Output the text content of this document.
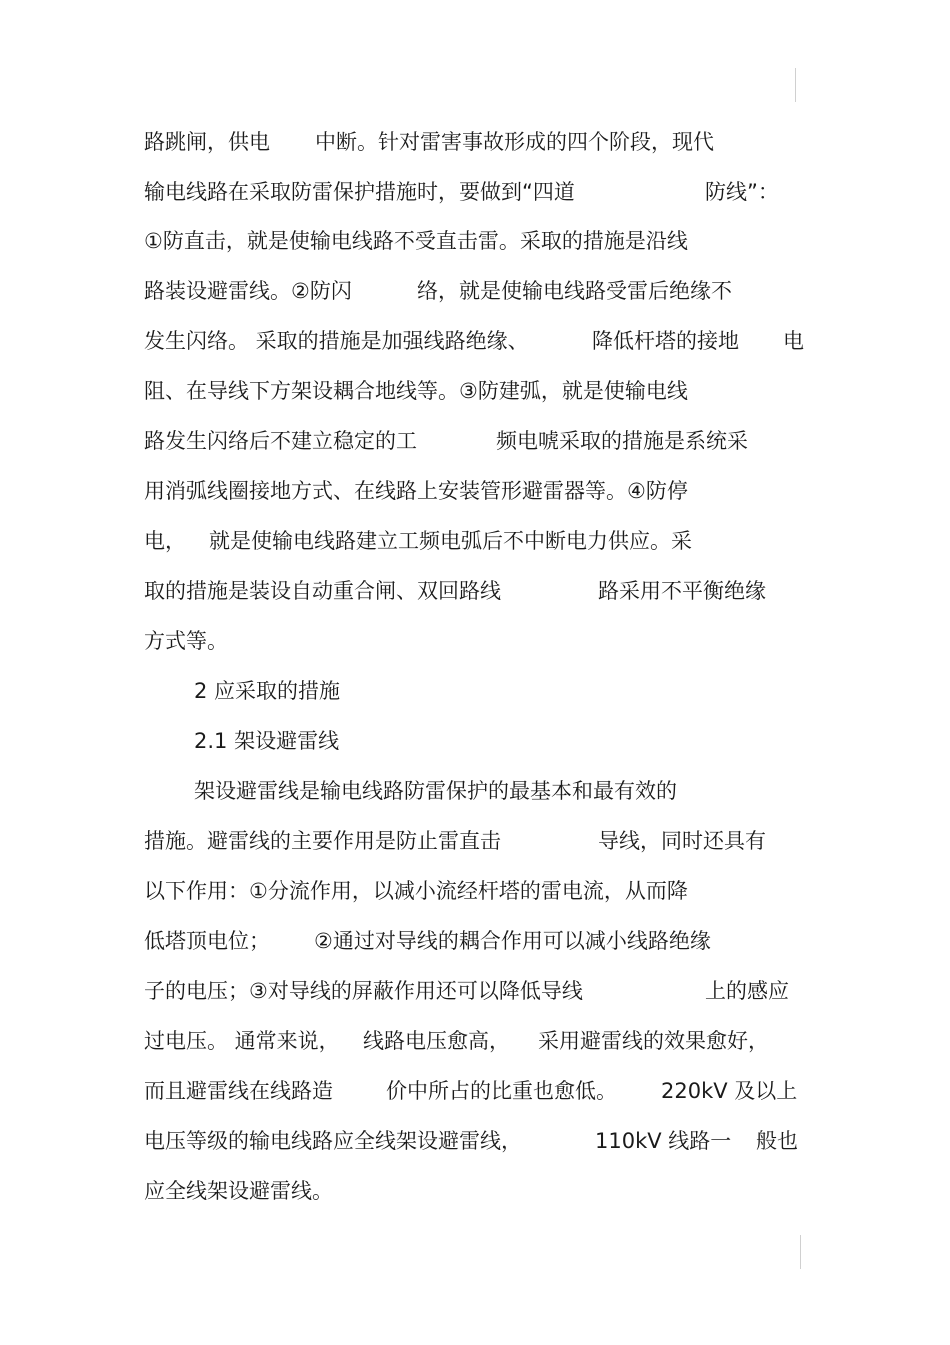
路跳闸，供电 中断。针对雷害事故形成的四个阶段，现代
输电线路在采取防雷保护措施时，要做到“四道	防线”：
①防直击，就是使输电线路不受直击雷。采取的措施是沿线
路装设避雷线。②防闪	络，就是使输电线路受雷后绝缘不
发生闪络。 采取的措施是加强线路绝缘、	降低杆塔的接地 电
阻、在导线下方架设耦合地线等。③防建弧，就是使输电线
路发生闪络后不建立稳定的工	频电唬采取的措施是系统采
用消弧线圈接地方式、在线路上安装管形避雷器等。④防停
电， 就是使输电线路建立工频电弧后不中断电力供应。采
取的措施是装设自动重合闸、双回路线	路采用不平衡绝缘
方式等。
2 应采取的措施
2.1 架设避雷线
架设避雷线是输电线路防雷保护的最基本和最有效的
措施。避雷线的主要作用是防止雷直击	导线，同时还具有
以下作用：①分流作用，以减小流经杆塔的雷电流，从而降
低塔顶电位； ②通过对导线的耦合作用可以减小线路绝缘
子的电压；③对导线的屏蔽作用还可以降低导线	上的感应
过电压。 通常来说， 线路电压愈高， 采用避雷线的效果愈好，
而且避雷线在线路造	价中所占的比重也愈低。 220kV 及以上
电压等级的输电线路应全线架设避雷线，	110kV 线路一 般也
应全线架设避雷线。
